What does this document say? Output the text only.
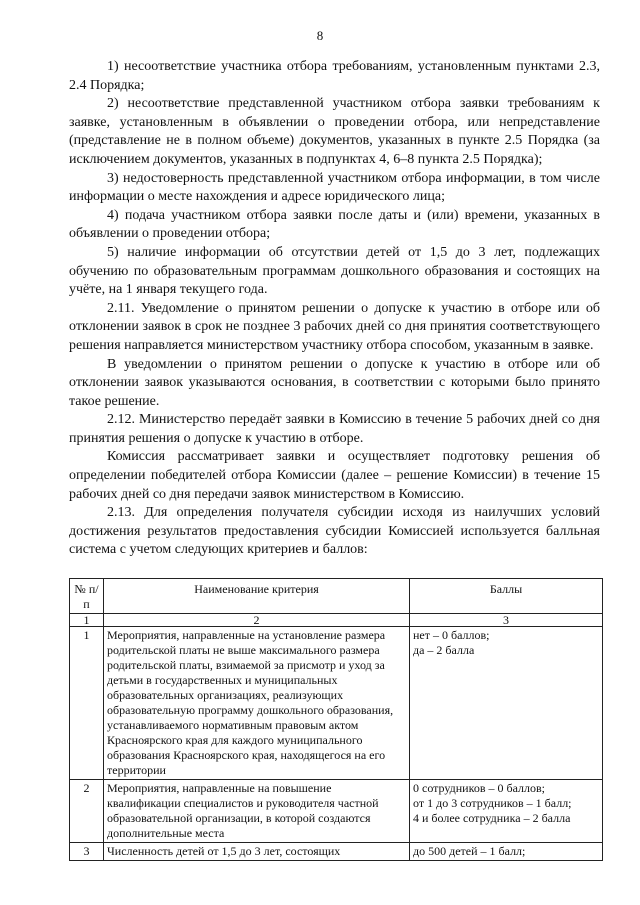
8

1) несоответствие участника отбора требованиям, установленным пунктами 2.3, 2.4 Порядка;

2) несоответствие представленной участником отбора заявки требованиям к заявке, установленным в объявлении о проведении отбора, или непредставление (представление не в полном объеме) документов, указанных в пункте 2.5 Порядка (за исключением документов, указанных в подпунктах 4, 6–8 пункта 2.5 Порядка);

3) недостоверность представленной участником отбора информации, в том числе информации о месте нахождения и адресе юридического лица;

4) подача участником отбора заявки после даты и (или) времени, указанных в объявлении о проведении отбора;

5) наличие информации об отсутствии детей от 1,5 до 3 лет, подлежащих обучению по образовательным программам дошкольного образования и состоящих на учёте, на 1 января текущего года.

2.11. Уведомление о принятом решении о допуске к участию в отборе или об отклонении заявок в срок не позднее 3 рабочих дней со дня принятия соответствующего решения направляется министерством участнику отбора способом, указанным в заявке.

В уведомлении о принятом решении о допуске к участию в отборе или об отклонении заявок указываются основания, в соответствии с которыми было принято такое решение.

2.12. Министерство передаёт заявки в Комиссию в течение 5 рабочих дней со дня принятия решения о допуске к участию в отборе.

Комиссия рассматривает заявки и осуществляет подготовку решения об определении победителей отбора Комиссии (далее – решение Комиссии) в течение 15 рабочих дней со дня передачи заявок министерством в Комиссию.

2.13. Для определения получателя субсидии исходя из наилучших условий достижения результатов предоставления субсидии Комиссией используется балльная система с учетом следующих критериев и баллов:

№ п/п	Наименование критерия	Баллы
1	2	3
1	Мероприятия, направленные на установление размера родительской платы не выше максимального размера родительской платы, взимаемой за присмотр и уход за детьми в государственных и муниципальных образовательных организациях, реализующих образовательную программу дошкольного образования, устанавливаемого нормативным правовым актом Красноярского края для каждого муниципального образования Красноярского края, находящегося на его территории	нет – 0 баллов;
да – 2 балла
2	Мероприятия, направленные на повышение квалификации специалистов и руководителя частной образовательной организации, в которой создаются дополнительные места	0 сотрудников – 0 баллов;
от 1 до 3 сотрудников – 1 балл;
4 и более сотрудника – 2 балла
3	Численность детей от 1,5 до 3 лет, состоящих	до 500 детей – 1 балл;
